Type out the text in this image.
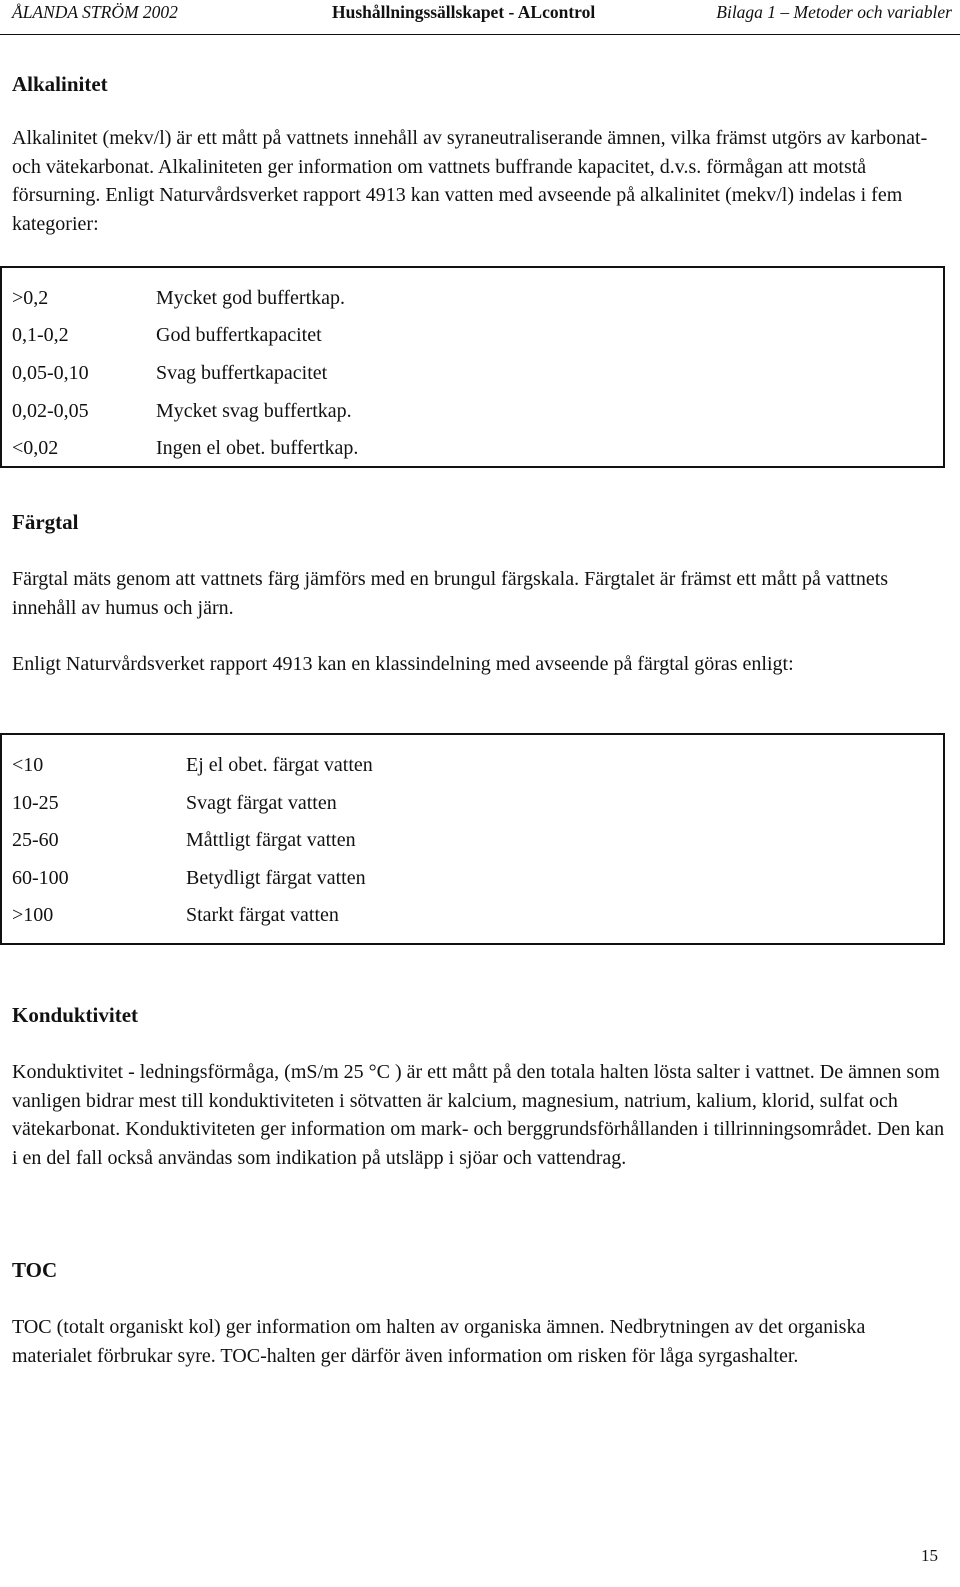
ÅLANDA STRÖM 2002	Hushållningssällskapet - ALcontrol	Bilaga 1 – Metoder och variabler
Alkalinitet

Alkalinitet (mekv/l) är ett mått på vattnets innehåll av syraneutraliserande ämnen, vilka främst utgörs av karbonat- och vätekarbonat. Alkaliniteten ger information om vattnets buffrande kapacitet, d.v.s. förmågan att motstå försurning. Enligt Naturvårdsverket rapport 4913 kan vatten med avseende på alkalinitet (mekv/l) indelas i fem kategorier:

>0,2	Mycket god buffertkap.
0,1-0,2	God buffertkapacitet
0,05-0,10	Svag buffertkapacitet
0,02-0,05	Mycket svag buffertkap.
<0,02	Ingen el obet. buffertkap.
Färgtal

Färgtal mäts genom att vattnets färg jämförs med en brungul färgskala. Färgtalet är främst ett mått på vattnets innehåll av humus och järn.

Enligt Naturvårdsverket rapport 4913 kan en klassindelning med avseende på färgtal göras enligt:

<10	Ej el obet. färgat vatten
10-25	Svagt färgat vatten
25-60	Måttligt färgat vatten
60-100	Betydligt färgat vatten
>100	Starkt färgat vatten
Konduktivitet

Konduktivitet - ledningsförmåga, (mS/m 25 °C ) är ett mått på den totala halten lösta salter i vattnet. De ämnen som vanligen bidrar mest till konduktiviteten i sötvatten är kalcium, magnesium, natrium, kalium, klorid, sulfat och vätekarbonat. Konduktiviteten ger information om mark- och berggrundsförhållanden i tillrinningsområdet. Den kan i en del fall också användas som indikation på utsläpp i sjöar och vattendrag.

TOC

TOC (totalt organiskt kol) ger information om halten av organiska ämnen. Nedbrytningen av det organiska materialet förbrukar syre. TOC-halten ger därför även information om risken för låga syrgashalter.

15
